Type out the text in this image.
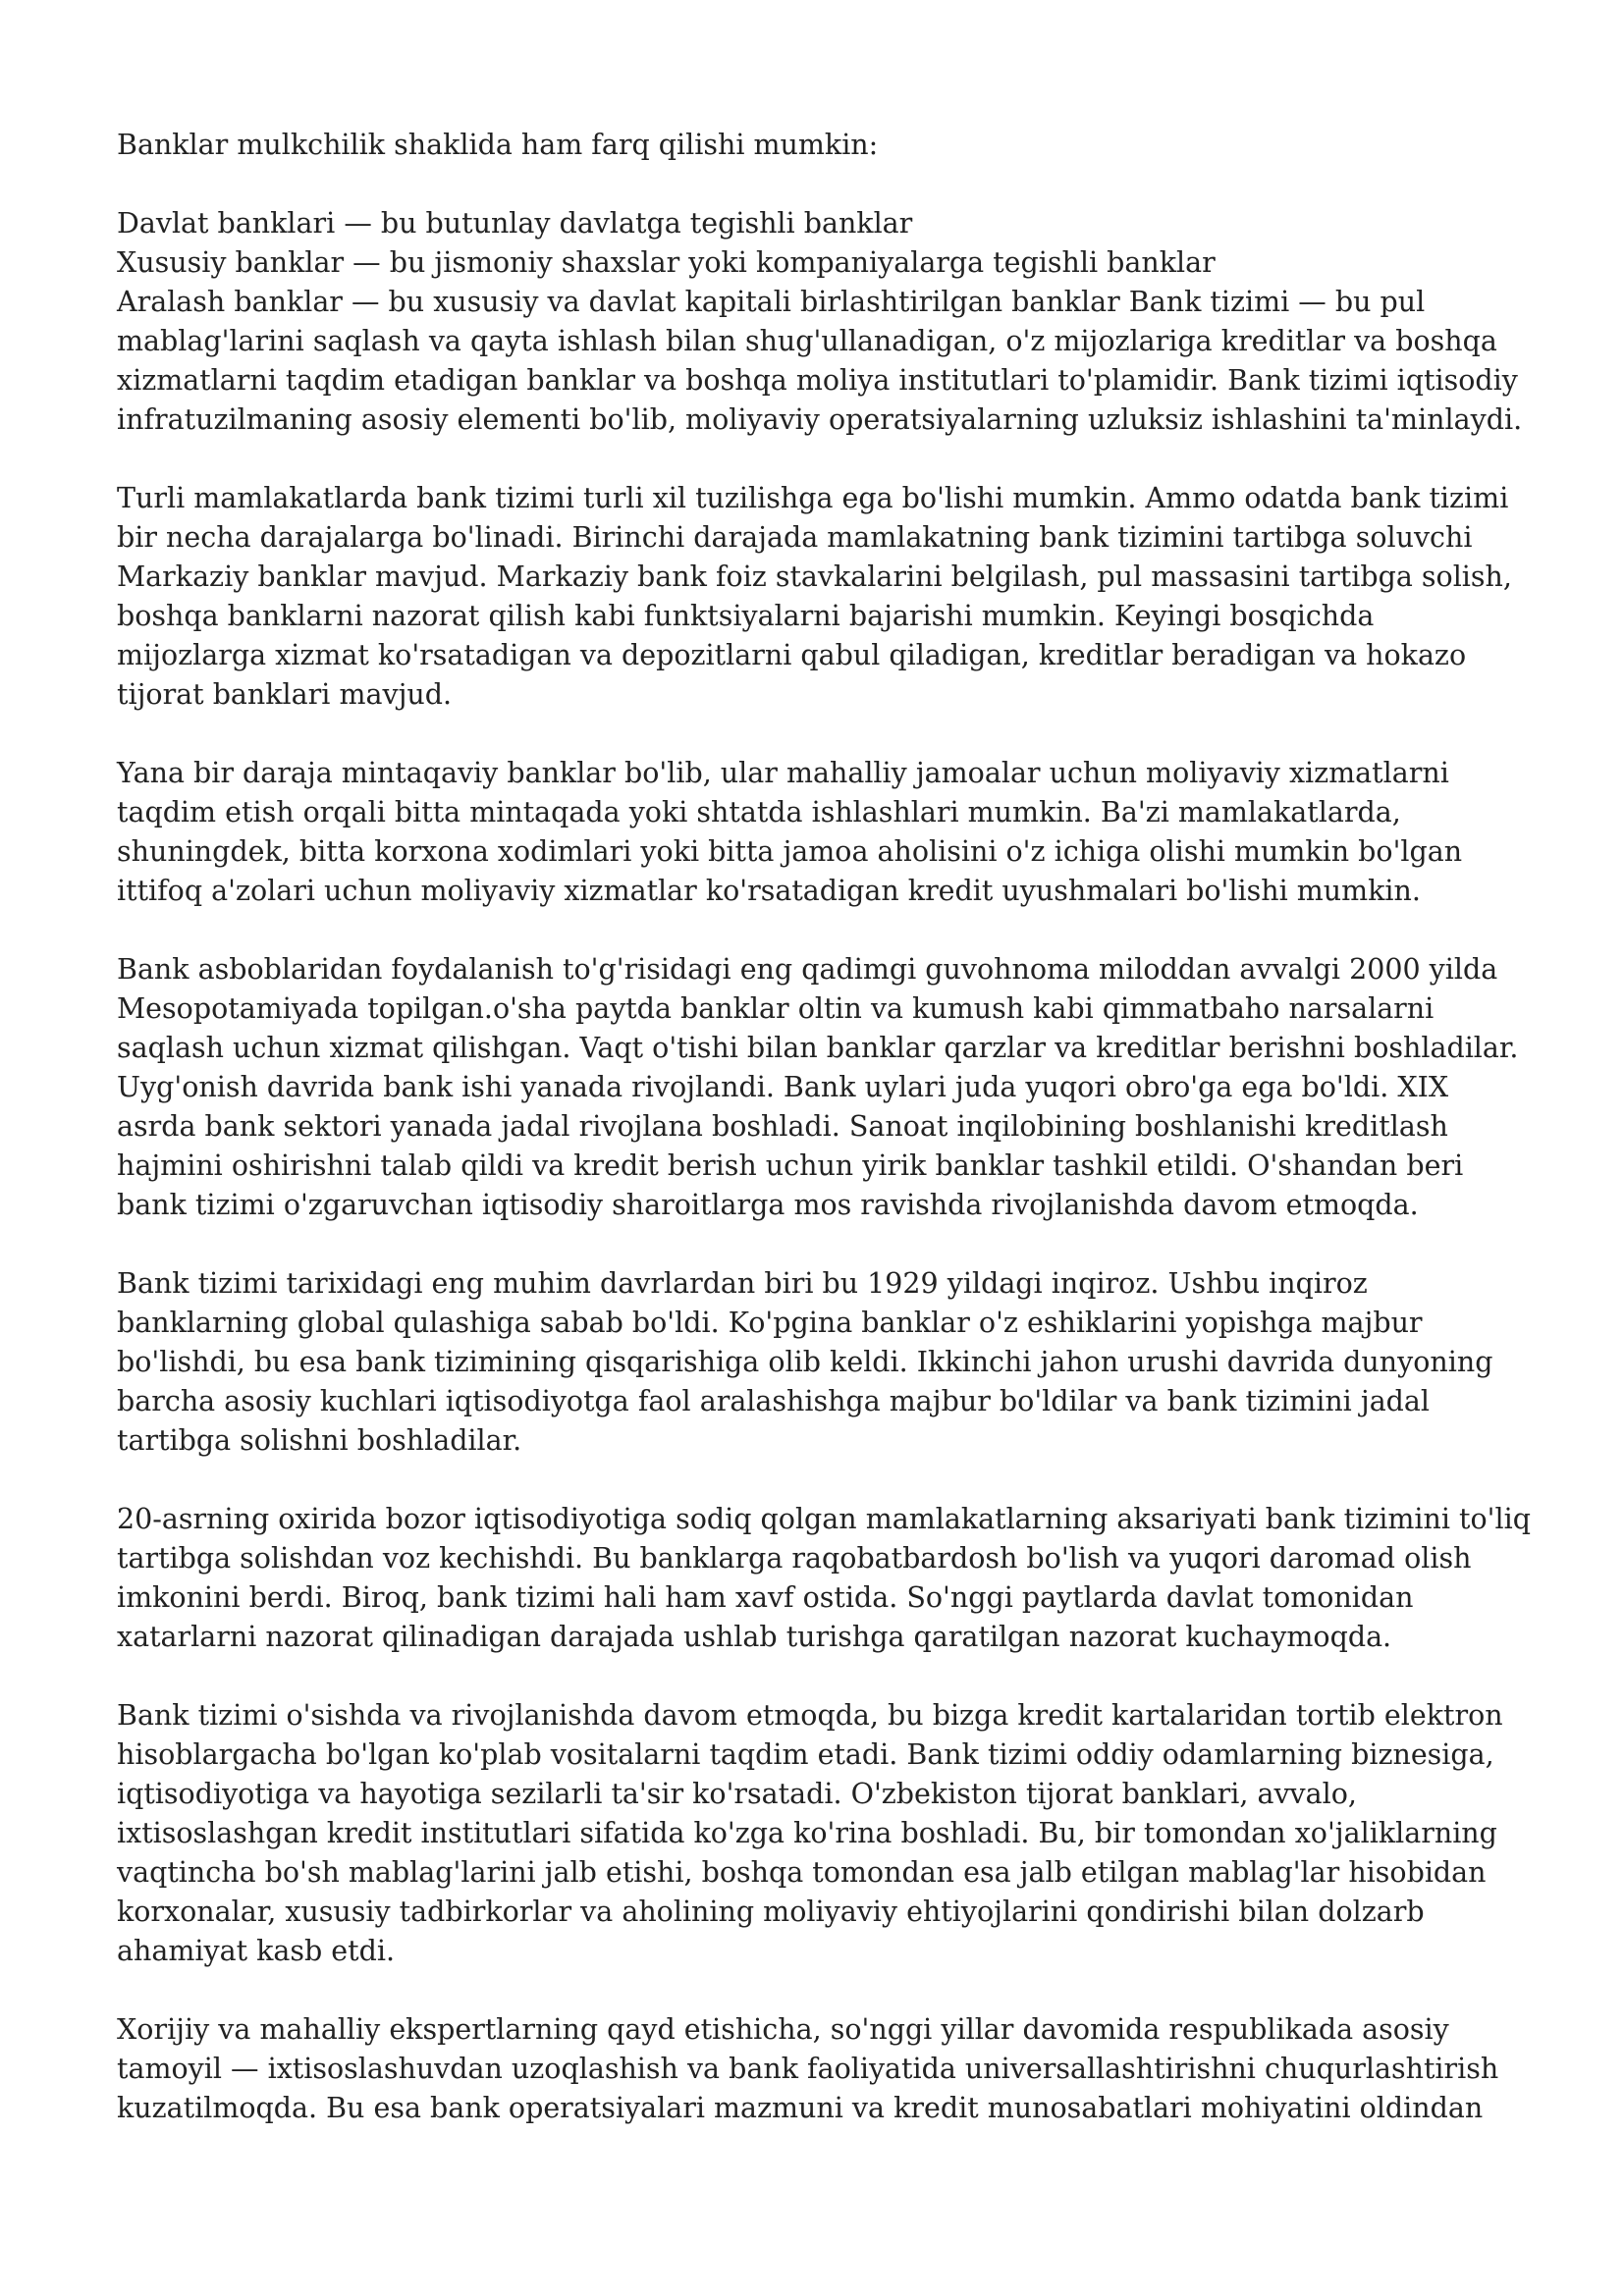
Banklar mulkchilik shaklida ham farq qilishi mumkin:

Davlat banklari — bu butunlay davlatga tegishli banklar
Xususiy banklar — bu jismoniy shaxslar yoki kompaniyalarga tegishli banklar

Aralash banklar — bu xususiy va davlat kapitali birlashtirilgan banklar Bank tizimi — bu pul mablag'larini saqlash va qayta ishlash bilan shug'ullanadigan, o'z mijozlariga kreditlar va boshqa xizmatlarni taqdim etadigan banklar va boshqa moliya institutlari to'plamidir. Bank tizimi iqtisodiy infratuzilmaning asosiy elementi bo'lib, moliyaviy operatsiyalarning uzluksiz ishlashini ta'minlaydi.

Turli mamlakatlarda bank tizimi turli xil tuzilishga ega bo'lishi mumkin. Ammo odatda bank tizimi bir necha darajalarga bo'linadi. Birinchi darajada mamlakatning bank tizimini tartibga soluvchi Markaziy banklar mavjud. Markaziy bank foiz stavkalarini belgilash, pul massasini tartibga solish, boshqa banklarni nazorat qilish kabi funktsiyalarni bajarishi mumkin. Keyingi bosqichda mijozlarga xizmat ko'rsatadigan va depozitlarni qabul qiladigan, kreditlar beradigan va hokazo tijorat banklari mavjud.

Yana bir daraja mintaqaviy banklar bo'lib, ular mahalliy jamoalar uchun moliyaviy xizmatlarni taqdim etish orqali bitta mintaqada yoki shtatda ishlashlari mumkin. Ba'zi mamlakatlarda, shuningdek, bitta korxona xodimlari yoki bitta jamoa aholisini o'z ichiga olishi mumkin bo'lgan ittifoq a'zolari uchun moliyaviy xizmatlar ko'rsatadigan kredit uyushmalari bo'lishi mumkin.

Bank asboblaridan foydalanish to'g'risidagi eng qadimgi guvohnoma miloddan avvalgi 2000 yilda Mesopotamiyada topilgan.o'sha paytda banklar oltin va kumush kabi qimmatbaho narsalarni saqlash uchun xizmat qilishgan. Vaqt o'tishi bilan banklar qarzlar va kreditlar berishni boshladilar. Uyg'onish davrida bank ishi yanada rivojlandi. Bank uylari juda yuqori obro'ga ega bo'ldi. XIX asrda bank sektori yanada jadal rivojlana boshladi. Sanoat inqilobining boshlanishi kreditlash hajmini oshirishni talab qildi va kredit berish uchun yirik banklar tashkil etildi. O'shandan beri bank tizimi o'zgaruvchan iqtisodiy sharoitlarga mos ravishda rivojlanishda davom etmoqda.

Bank tizimi tarixidagi eng muhim davrlardan biri bu 1929 yildagi inqiroz. Ushbu inqiroz banklarning global qulashiga sabab bo'ldi. Ko'pgina banklar o'z eshiklarini yopishga majbur bo'lishdi, bu esa bank tizimining qisqarishiga olib keldi. Ikkinchi jahon urushi davrida dunyoning barcha asosiy kuchlari iqtisodiyotga faol aralashishga majbur bo'ldilar va bank tizimini jadal tartibga solishni boshladilar.

20-asrning oxirida bozor iqtisodiyotiga sodiq qolgan mamlakatlarning aksariyati bank tizimini to'liq tartibga solishdan voz kechishdi. Bu banklarga raqobatbardosh bo'lish va yuqori daromad olish imkonini berdi. Biroq, bank tizimi hali ham xavf ostida. So'nggi paytlarda davlat tomonidan xatarlarni nazorat qilinadigan darajada ushlab turishga qaratilgan nazorat kuchaymoqda.

Bank tizimi o'sishda va rivojlanishda davom etmoqda, bu bizga kredit kartalaridan tortib elektron hisoblargacha bo'lgan ko'plab vositalarni taqdim etadi. Bank tizimi oddiy odamlarning biznesiga, iqtisodiyotiga va hayotiga sezilarli ta'sir ko'rsatadi. O'zbekiston tijorat banklari, avvalo, ixtisoslashgan kredit institutlari sifatida ko'zga ko'rina boshladi. Bu, bir tomondan xo'jaliklarning vaqtincha bo'sh mablag'larini jalb etishi, boshqa tomondan esa jalb etilgan mablag'lar hisobidan korxonalar, xususiy tadbirkorlar va aholining moliyaviy ehtiyojlarini qondirishi bilan dolzarb ahamiyat kasb etdi.

Xorijiy va mahalliy ekspertlarning qayd etishicha, so'nggi yillar davomida respublikada asosiy tamoyil — ixtisoslashuvdan uzoqlashish va bank faoliyatida universallashtirishni chuqurlashtirish kuzatilmoqda. Bu esa bank operatsiyalari mazmuni va kredit munosabatlari mohiyatini oldindan
